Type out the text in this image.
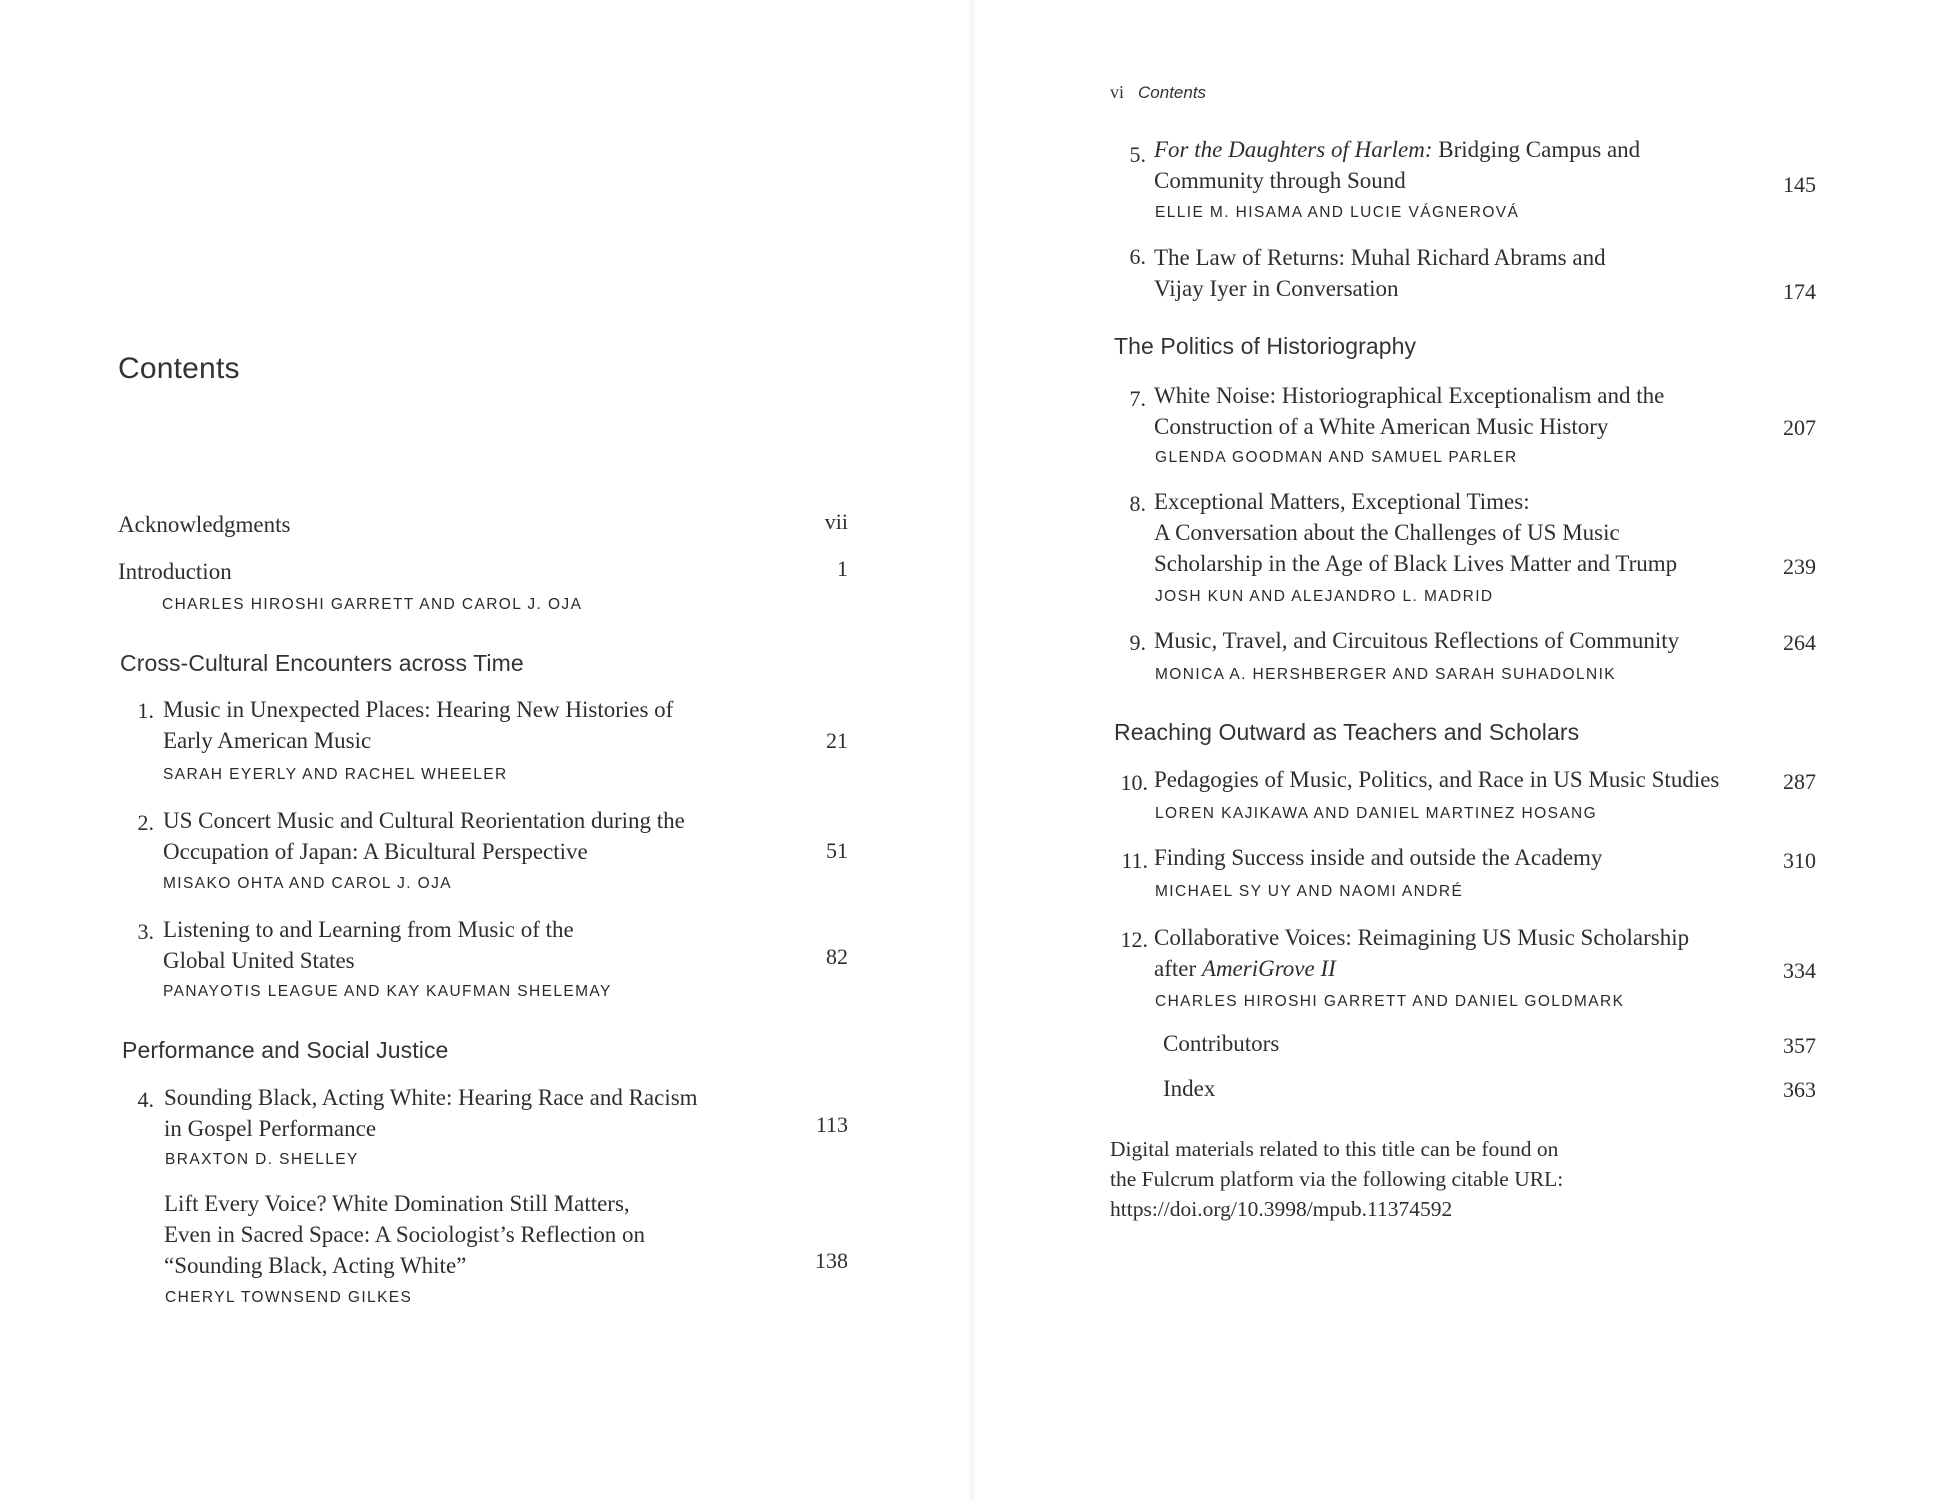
Contents
Acknowledgments	vii
Introduction	1
CHARLES HIROSHI GARRETT AND CAROL J. OJA
Cross-Cultural Encounters across Time
1. Music in Unexpected Places: Hearing New Histories of
Early American Music	21
SARAH EYERLY AND RACHEL WHEELER
2. US Concert Music and Cultural Reorientation during the
Occupation of Japan: A Bicultural Perspective	51
MISAKO OHTA AND CAROL J. OJA
3. Listening to and Learning from Music of the
Global United States	82
PANAYOTIS LEAGUE AND KAY KAUFMAN SHELEMAY
Performance and Social Justice
4. Sounding Black, Acting White: Hearing Race and Racism
in Gospel Performance	113
BRAXTON D. SHELLEY
Lift Every Voice? White Domination Still Matters,
Even in Sacred Space: A Sociologist’s Reflection on
“Sounding Black, Acting White”	138
CHERYL TOWNSEND GILKES
vi Contents
5. For the Daughters of Harlem: Bridging Campus and
Community through Sound	145
ELLIE M. HISAMA AND LUCIE VÁGNEROVÁ
6. The Law of Returns: Muhal Richard Abrams and
Vijay Iyer in Conversation	174
The Politics of Historiography
7. White Noise: Historiographical Exceptionalism and the
Construction of a White American Music History	207
GLENDA GOODMAN AND SAMUEL PARLER
8. Exceptional Matters, Exceptional Times:
A Conversation about the Challenges of US Music
Scholarship in the Age of Black Lives Matter and Trump	239
JOSH KUN AND ALEJANDRO L. MADRID
9. Music, Travel, and Circuitous Reflections of Community	264
MONICA A. HERSHBERGER AND SARAH SUHADOLNIK
Reaching Outward as Teachers and Scholars
10. Pedagogies of Music, Politics, and Race in US Music Studies	287
LOREN KAJIKAWA AND DANIEL MARTINEZ HOSANG
11. Finding Success inside and outside the Academy	310
MICHAEL SY UY AND NAOMI ANDRÉ
12. Collaborative Voices: Reimagining US Music Scholarship
after AmeriGrove II	334
CHARLES HIROSHI GARRETT AND DANIEL GOLDMARK
Contributors	357
Index	363
Digital materials related to this title can be found on
the Fulcrum platform via the following citable URL:
https://doi.org/10.3998/mpub.11374592
